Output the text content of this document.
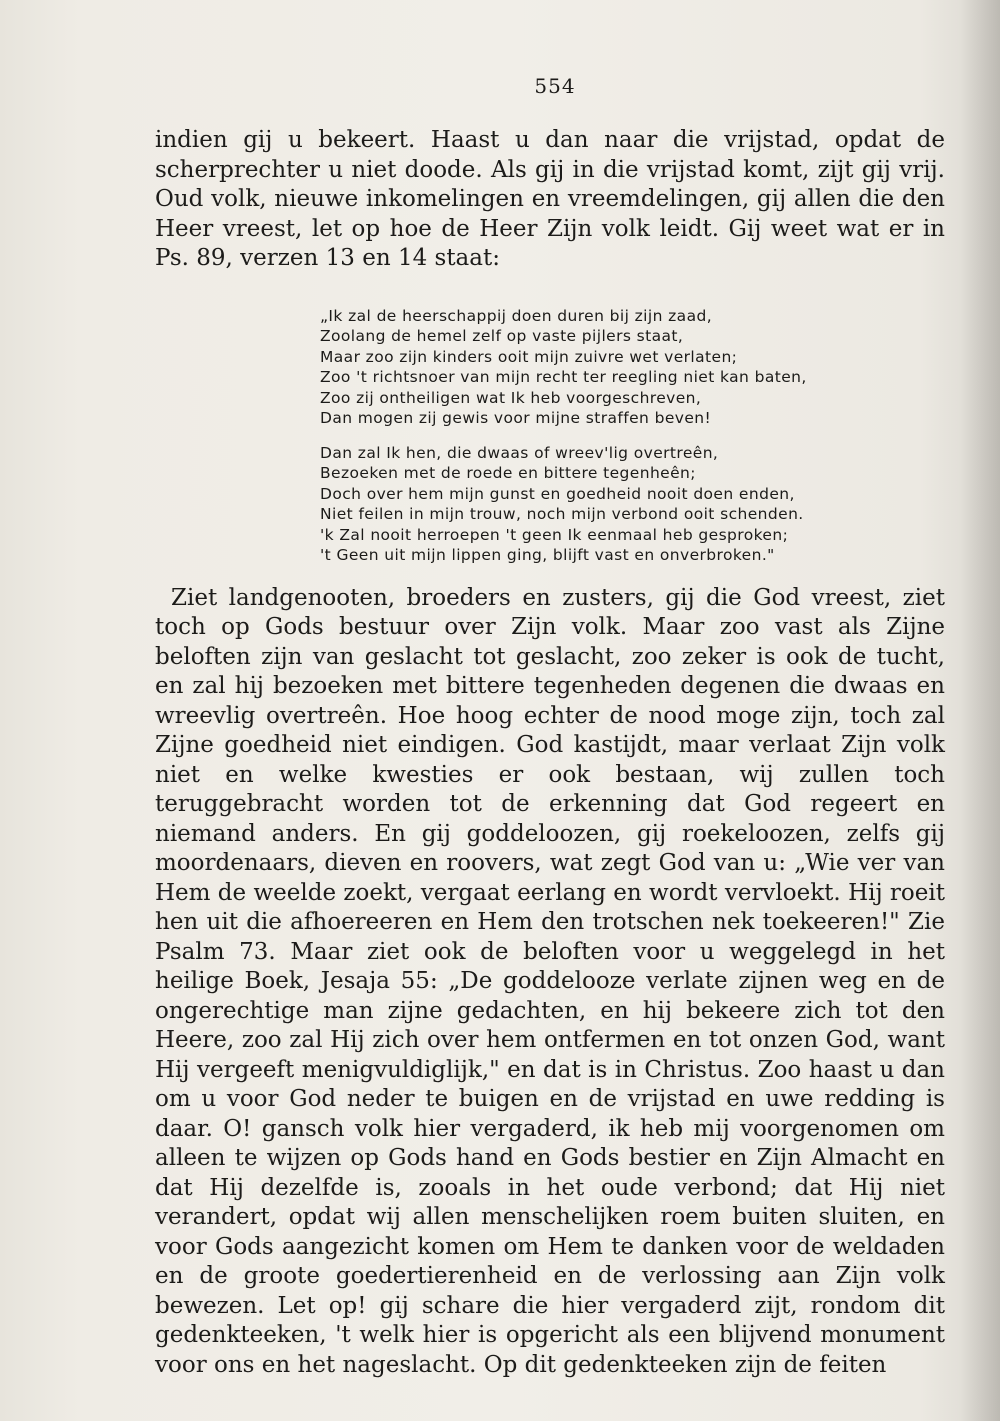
554

indien gij u bekeert. Haast u dan naar die vrijstad, opdat de scherprechter u niet doode. Als gij in die vrijstad komt, zijt gij vrij. Oud volk, nieuwe inkomelingen en vreemdelingen, gij allen die den Heer vreest, let op hoe de Heer Zijn volk leidt. Gij weet wat er in Ps. 89, verzen 13 en 14 staat:

„Ik zal de heerschappij doen duren bij zijn zaad,
Zoolang de hemel zelf op vaste pijlers staat,
Maar zoo zijn kinders ooit mijn zuivre wet verlaten;
Zoo 't richtsnoer van mijn recht ter reegling niet kan baten,
Zoo zij ontheiligen wat Ik heb voorgeschreven,
Dan mogen zij gewis voor mijne straffen beven!
Dan zal Ik hen, die dwaas of wreev'lig overtreên,
Bezoeken met de roede en bittere tegenheên;
Doch over hem mijn gunst en goedheid nooit doen enden,
Niet feilen in mijn trouw, noch mijn verbond ooit schenden.
'k Zal nooit herroepen 't geen Ik eenmaal heb gesproken;
't Geen uit mijn lippen ging, blijft vast en onverbroken."

Ziet landgenooten, broeders en zusters, gij die God vreest, ziet toch op Gods bestuur over Zijn volk. Maar zoo vast als Zijne beloften zijn van geslacht tot geslacht, zoo zeker is ook de tucht, en zal hij bezoeken met bittere tegenheden degenen die dwaas en wreevlig overtreên. Hoe hoog echter de nood moge zijn, toch zal Zijne goedheid niet eindigen. God kastijdt, maar verlaat Zijn volk niet en welke kwesties er ook bestaan, wij zullen toch teruggebracht worden tot de erkenning dat God regeert en niemand anders. En gij goddeloozen, gij roekeloozen, zelfs gij moordenaars, dieven en roovers, wat zegt God van u: „Wie ver van Hem de weelde zoekt, vergaat eerlang en wordt vervloekt. Hij roeit hen uit die afhoereeren en Hem den trotschen nek toekeeren!" Zie Psalm 73. Maar ziet ook de beloften voor u weggelegd in het heilige Boek, Jesaja 55: „De goddelooze verlate zijnen weg en de ongerechtige man zijne gedachten, en hij bekeere zich tot den Heere, zoo zal Hij zich over hem ontfermen en tot onzen God, want Hij vergeeft menigvuldiglijk," en dat is in Christus. Zoo haast u dan om u voor God neder te buigen en de vrijstad en uwe redding is daar. O! gansch volk hier vergaderd, ik heb mij voorgenomen om alleen te wijzen op Gods hand en Gods bestier en Zijn Almacht en dat Hij dezelfde is, zooals in het oude verbond; dat Hij niet verandert, opdat wij allen menschelijken roem buiten sluiten, en voor Gods aangezicht komen om Hem te danken voor de weldaden en de groote goedertierenheid en de verlossing aan Zijn volk bewezen. Let op! gij schare die hier vergaderd zijt, rondom dit gedenkteeken, 't welk hier is opgericht als een blijvend monument voor ons en het nageslacht. Op dit gedenkteeken zijn de feiten
